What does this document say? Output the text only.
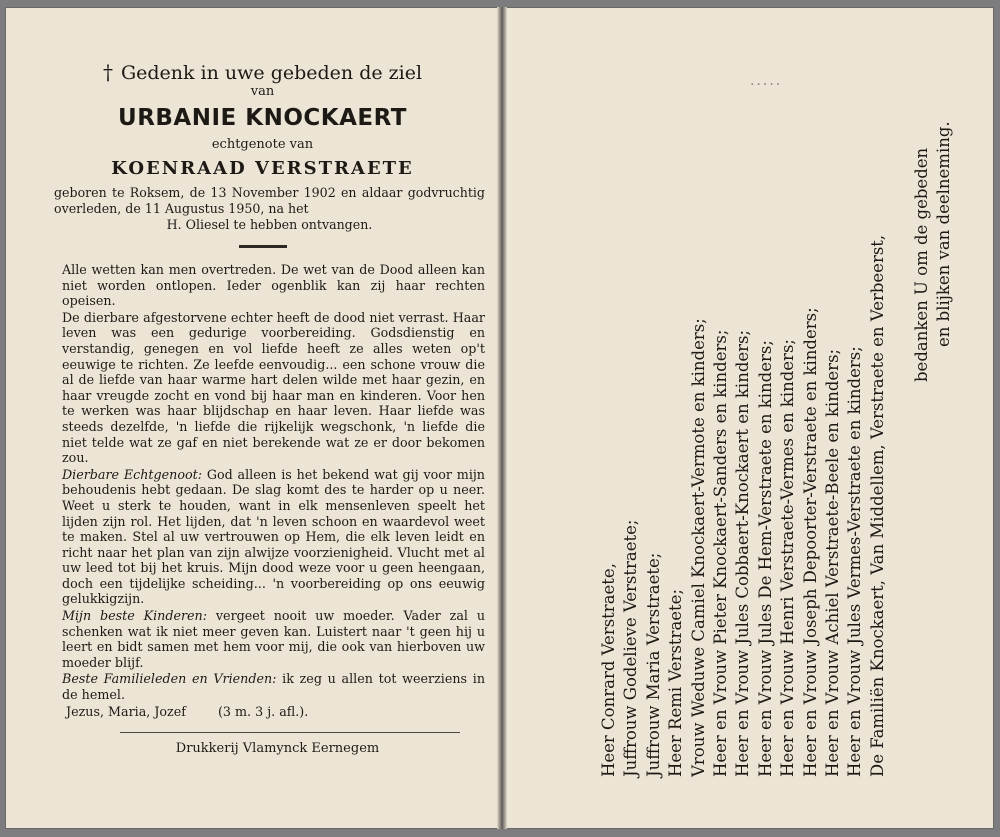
† Gedenk in uwe gebeden de ziel
van
URBANIE KNOCKAERT
echtgenote van
KOENRAAD VERSTRAETE
geboren te Roksem, de 13 November 1902 en aldaar godvruchtig overleden, de 11 Augustus 1950, na het
H. Oliesel te hebben ontvangen.

Alle wetten kan men overtreden. De wet van de Dood alleen kan niet worden ontlopen. Ieder ogenblik kan zij haar rechten opeisen.

De dierbare afgestorvene echter heeft de dood niet verrast. Haar leven was een gedurige voorbereiding. Godsdienstig en verstandig, genegen en vol liefde heeft ze alles weten op't eeuwige te richten. Ze leefde eenvoudig... een schone vrouw die al de liefde van haar warme hart delen wilde met haar gezin, en haar vreugde zocht en vond bij haar man en kinderen. Voor hen te werken was haar blijdschap en haar leven. Haar liefde was steeds dezelfde, 'n liefde die rijkelijk wegschonk, 'n liefde die niet telde wat ze gaf en niet berekende wat ze er door bekomen zou.

Dierbare Echtgenoot: God alleen is het bekend wat gij voor mijn behoudenis hebt gedaan. De slag komt des te harder op u neer. Weet u sterk te houden, want in elk mensenleven speelt het lijden zijn rol. Het lijden, dat 'n leven schoon en waardevol weet te maken. Stel al uw vertrouwen op Hem, die elk leven leidt en richt naar het plan van zijn alwijze voorzienigheid. Vlucht met al uw leed tot bij het kruis. Mijn dood weze voor u geen heengaan, doch een tijdelijke scheiding... 'n voorbereiding op ons eeuwig gelukkigzijn.

Mijn beste Kinderen: vergeet nooit uw moeder. Vader zal u schenken wat ik niet meer geven kan. Luistert naar 't geen hij u leert en bidt samen met hem voor mij, die ook van hierboven uw moeder blijf.

Beste Familieleden en Vrienden: ik zeg u allen tot weerziens in de hemel.

Jezus, Maria, Jozef	(3 m. 3 j. afl.).
Drukkerij Vlamynck Eernegem
.....
Heer Conrard Verstraete, Juffrouw Godelieve Verstraete; Juffrouw Maria Verstraete; Heer Remi Verstraete; Vrouw Weduwe Camiel Knockaert-Vermote en kinders; Heer en Vrouw Pieter Knockaert-Sanders en kinders; Heer en Vrouw Jules Cobbaert-Knockaert en kinders; Heer en Vrouw Jules De Hem-Verstraete en kinders; Heer en Vrouw Henri Verstraete-Vermes en kinders; Heer en Vrouw Joseph Depoorter-Verstraete en kinders; Heer en Vrouw Achiel Verstraete-Beele en kinders; Heer en Vrouw Jules Vermes-Verstraete en kinders; De Familiën Knockaert, Van Middellem, Verstraete en Verbeerst, bedanken U om de gebeden en blijken van deelneming.
